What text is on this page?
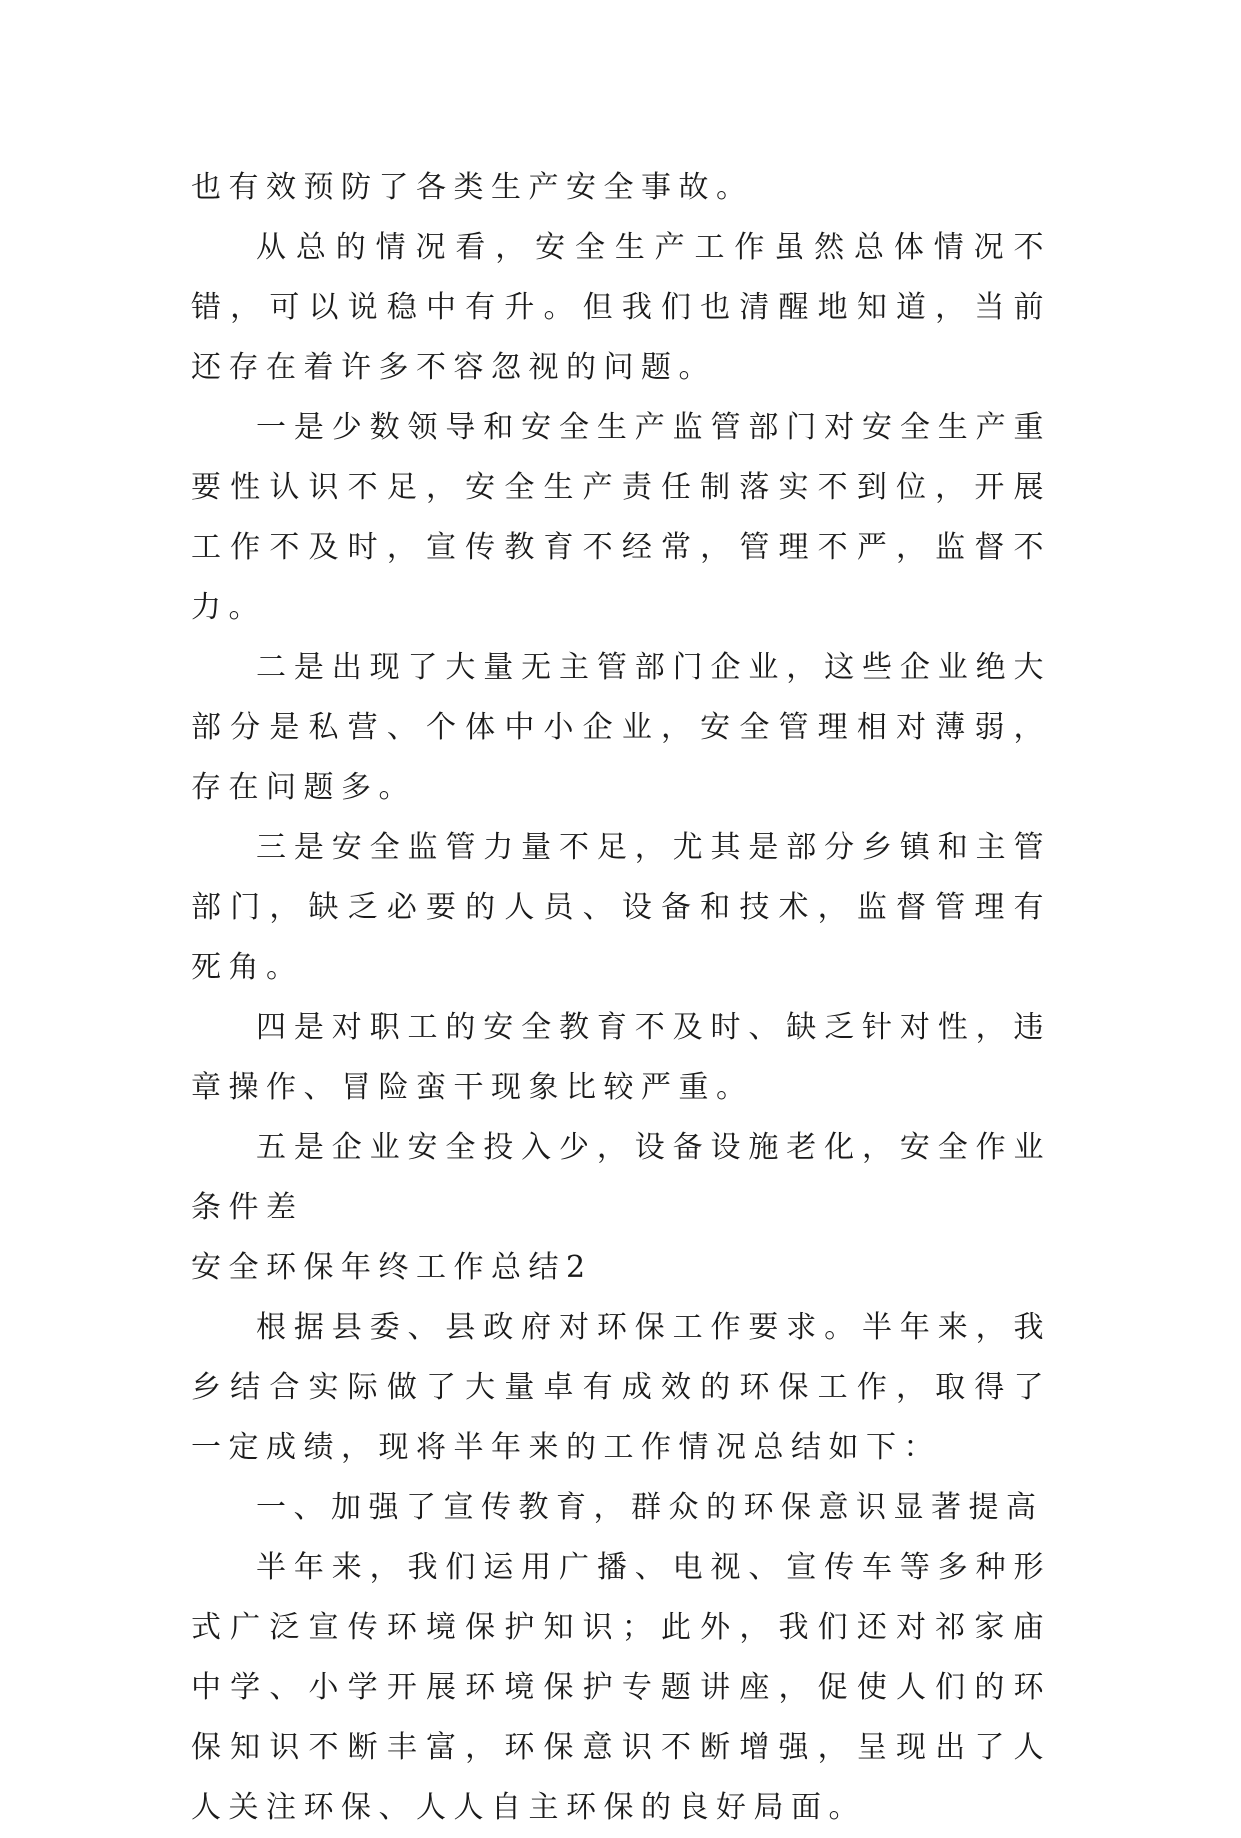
也有效预防了各类生产安全事故。

从总的情况看，安全生产工作虽然总体情况不错，可以说稳中有升。但我们也清醒地知道，当前还存在着许多不容忽视的问题。

一是少数领导和安全生产监管部门对安全生产重要性认识不足，安全生产责任制落实不到位，开展工作不及时，宣传教育不经常，管理不严，监督不力。

二是出现了大量无主管部门企业，这些企业绝大部分是私营、个体中小企业，安全管理相对薄弱，存在问题多。

三是安全监管力量不足，尤其是部分乡镇和主管部门，缺乏必要的人员、设备和技术，监督管理有死角。

四是对职工的安全教育不及时、缺乏针对性，违章操作、冒险蛮干现象比较严重。

五是企业安全投入少，设备设施老化，安全作业条件差

安全环保年终工作总结2

根据县委、县政府对环保工作要求。半年来，我乡结合实际做了大量卓有成效的环保工作，取得了一定成绩，现将半年来的工作情况总结如下：

一、加强了宣传教育，群众的环保意识显著提高

半年来，我们运用广播、电视、宣传车等多种形式广泛宣传环境保护知识；此外，我们还对祁家庙中学、小学开展环境保护专题讲座，促使人们的环保知识不断丰富，环保意识不断增强，呈现出了人人关注环保、人人自主环保的良好局面。
